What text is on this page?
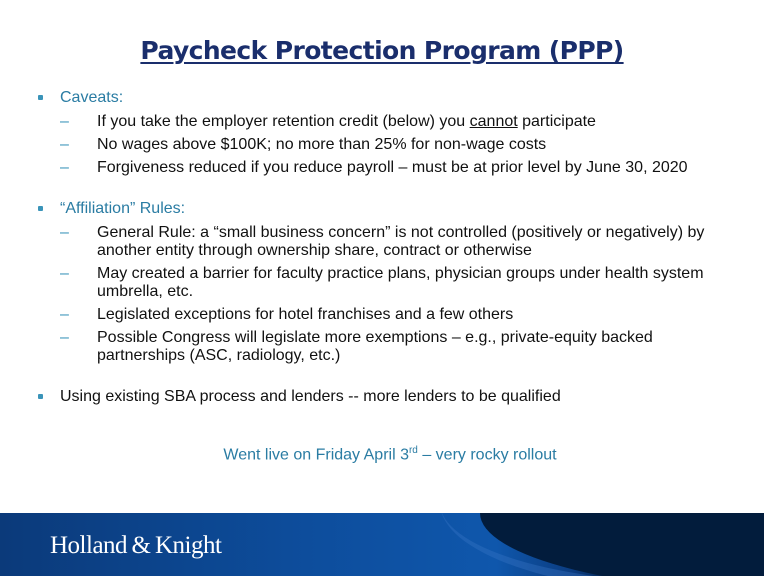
Paycheck Protection Program (PPP)
Caveats:
– If you take the employer retention credit (below) you cannot participate
– No wages above $100K; no more than 25% for non-wage costs
– Forgiveness reduced if you reduce payroll – must be at prior level by June 30, 2020
“Affiliation” Rules:
– General Rule: a “small business concern” is not controlled (positively or negatively) by another entity through ownership share, contract or otherwise
– May created a barrier for faculty practice plans, physician groups under health system umbrella, etc.
– Legislated exceptions for hotel franchises and a few others
– Possible Congress will legislate more exemptions – e.g., private-equity backed partnerships (ASC, radiology, etc.)
Using existing SBA process and lenders -- more lenders to be qualified
Went live on Friday April 3rd – very rocky rollout
Holland & Knight
